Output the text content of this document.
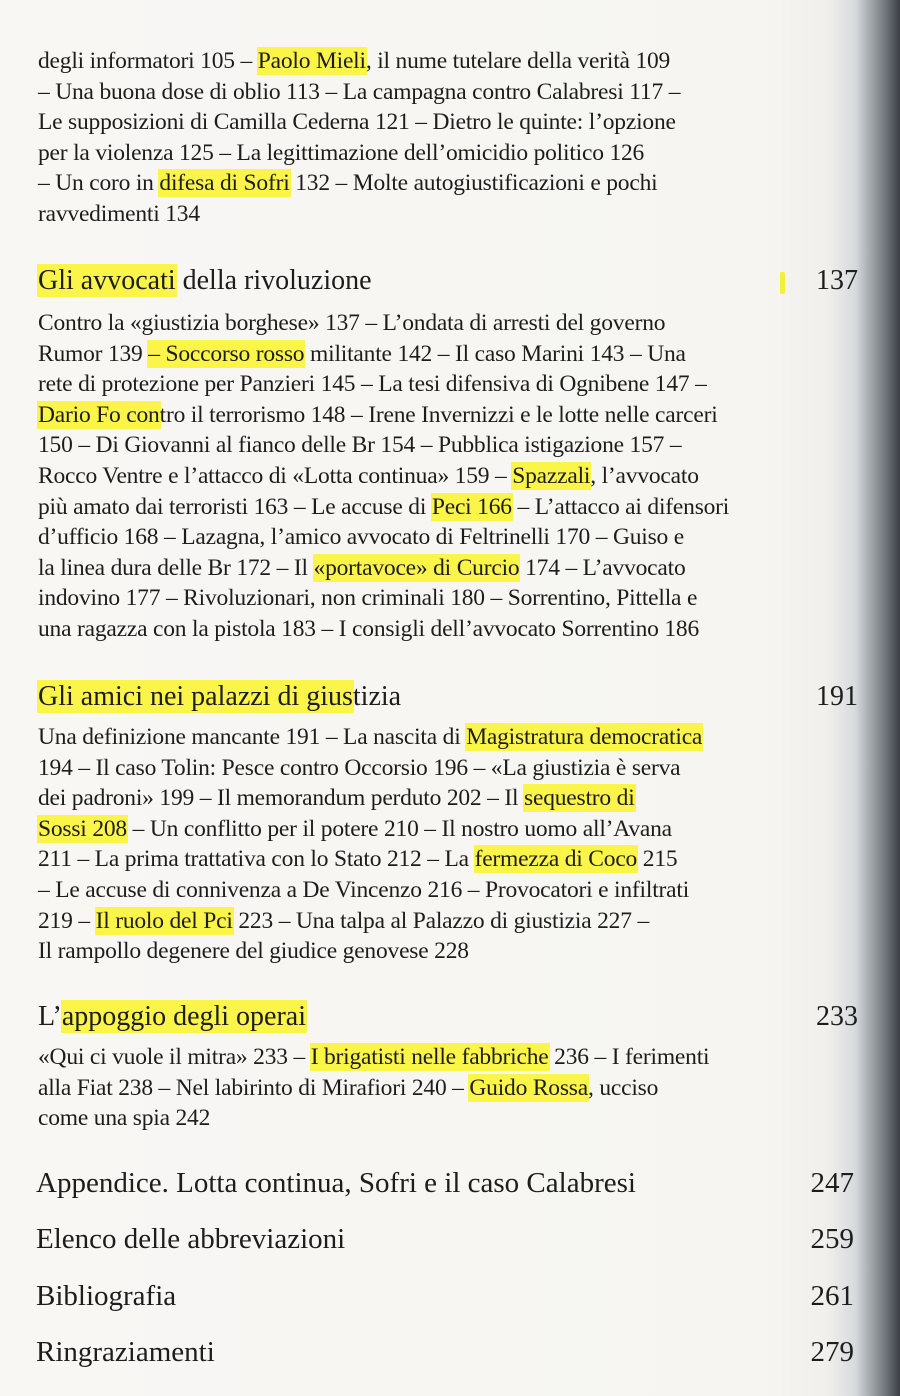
degli informatori 105 – Paolo Mieli, il nume tutelare della verità 109
– Una buona dose di oblio 113 – La campagna contro Calabresi 117 –
Le supposizioni di Camilla Cederna 121 – Dietro le quinte: l’opzione
per la violenza 125 – La legittimazione dell’omicidio politico 126
– Un coro in difesa di Sofri 132 – Molte autogiustificazioni e pochi
ravvedimenti 134
Gli avvocati della rivoluzione	137
Contro la «giustizia borghese» 137 – L’ondata di arresti del governo
Rumor 139 – Soccorso rosso militante 142 – Il caso Marini 143 – Una
rete di protezione per Panzieri 145 – La tesi difensiva di Ognibene 147 –
Dario Fo contro il terrorismo 148 – Irene Invernizzi e le lotte nelle carceri
150 – Di Giovanni al fianco delle Br 154 – Pubblica istigazione 157 –
Rocco Ventre e l’attacco di «Lotta continua» 159 – Spazzali, l’avvocato
più amato dai terroristi 163 – Le accuse di Peci 166 – L’attacco ai difensori
d’ufficio 168 – Lazagna, l’amico avvocato di Feltrinelli 170 – Guiso e
la linea dura delle Br 172 – Il «portavoce» di Curcio 174 – L’avvocato
indovino 177 – Rivoluzionari, non criminali 180 – Sorrentino, Pittella e
una ragazza con la pistola 183 – I consigli dell’avvocato Sorrentino 186
Gli amici nei palazzi di giustizia	191
Una definizione mancante 191 – La nascita di Magistratura democratica
194 – Il caso Tolin: Pesce contro Occorsio 196 – «La giustizia è serva
dei padroni» 199 – Il memorandum perduto 202 – Il sequestro di
Sossi 208 – Un conflitto per il potere 210 – Il nostro uomo all’Avana
211 – La prima trattativa con lo Stato 212 – La fermezza di Coco 215
– Le accuse di connivenza a De Vincenzo 216 – Provocatori e infiltrati
219 – Il ruolo del Pci 223 – Una talpa al Palazzo di giustizia 227 –
Il rampollo degenere del giudice genovese 228
L’appoggio degli operai	233
«Qui ci vuole il mitra» 233 – I brigatisti nelle fabbriche 236 – I ferimenti
alla Fiat 238 – Nel labirinto di Mirafiori 240 – Guido Rossa, ucciso
come una spia 242
Appendice. Lotta continua, Sofri e il caso Calabresi	247
Elenco delle abbreviazioni	259
Bibliografia	261
Ringraziamenti	279
